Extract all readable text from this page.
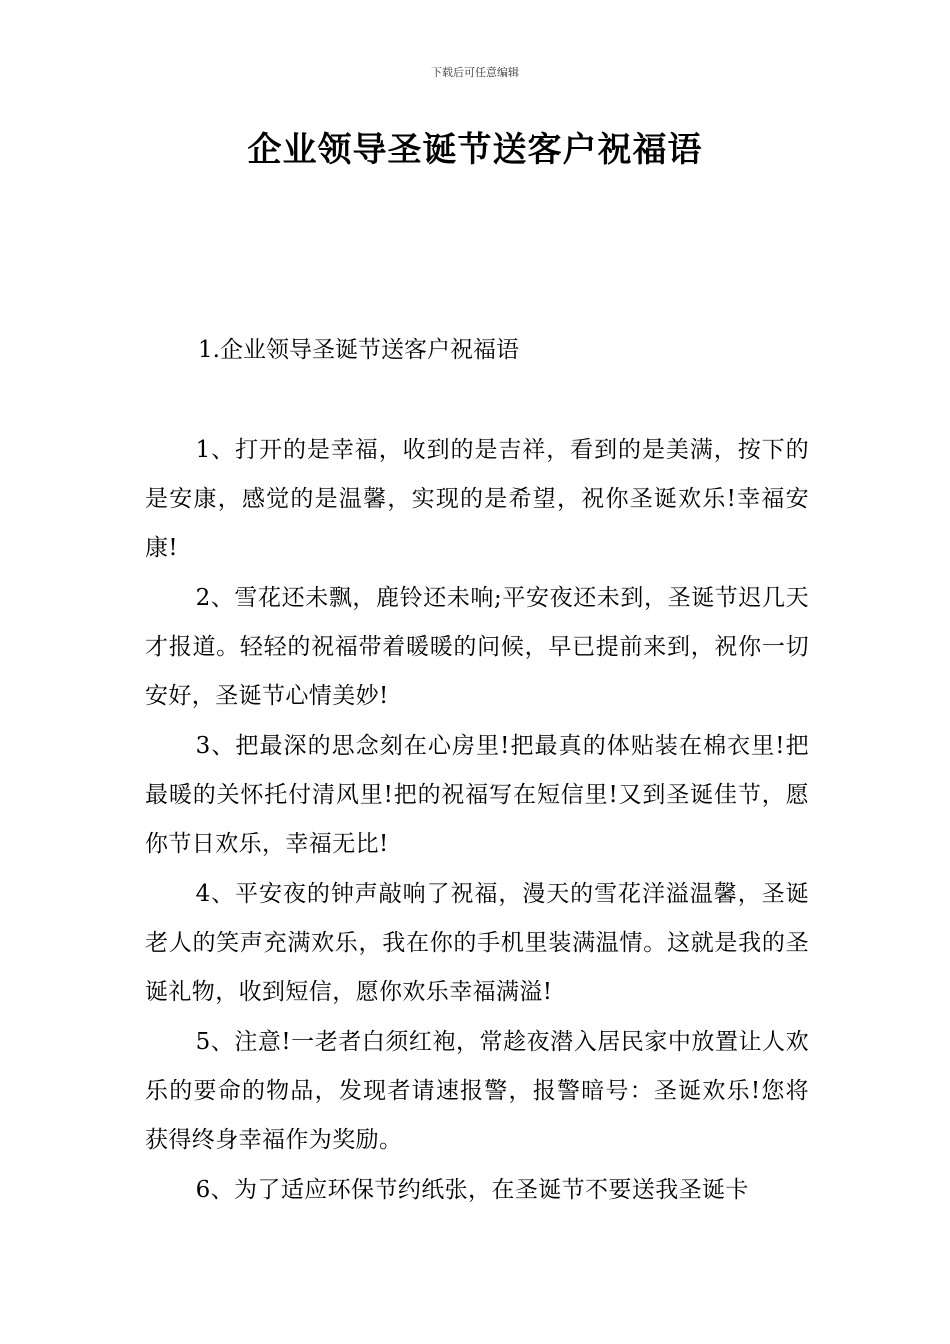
下载后可任意编辑
企业领导圣诞节送客户祝福语
1.企业领导圣诞节送客户祝福语

1、打开的是幸福，收到的是吉祥，看到的是美满，按下的是安康，感觉的是温馨，实现的是希望，祝你圣诞欢乐!幸福安康!

2、雪花还未飘，鹿铃还未响;平安夜还未到，圣诞节迟几天才报道。轻轻的祝福带着暖暖的问候，早已提前来到，祝你一切安好，圣诞节心情美妙!

3、把最深的思念刻在心房里!把最真的体贴装在棉衣里!把最暖的关怀托付清风里!把的祝福写在短信里!又到圣诞佳节，愿你节日欢乐，幸福无比!

4、平安夜的钟声敲响了祝福，漫天的雪花洋溢温馨，圣诞老人的笑声充满欢乐，我在你的手机里装满温情。这就是我的圣诞礼物，收到短信，愿你欢乐幸福满溢!

5、注意!一老者白须红袍，常趁夜潜入居民家中放置让人欢乐的要命的物品，发现者请速报警，报警暗号：圣诞欢乐!您将获得终身幸福作为奖励。

6、为了适应环保节约纸张，在圣诞节不要送我圣诞卡
